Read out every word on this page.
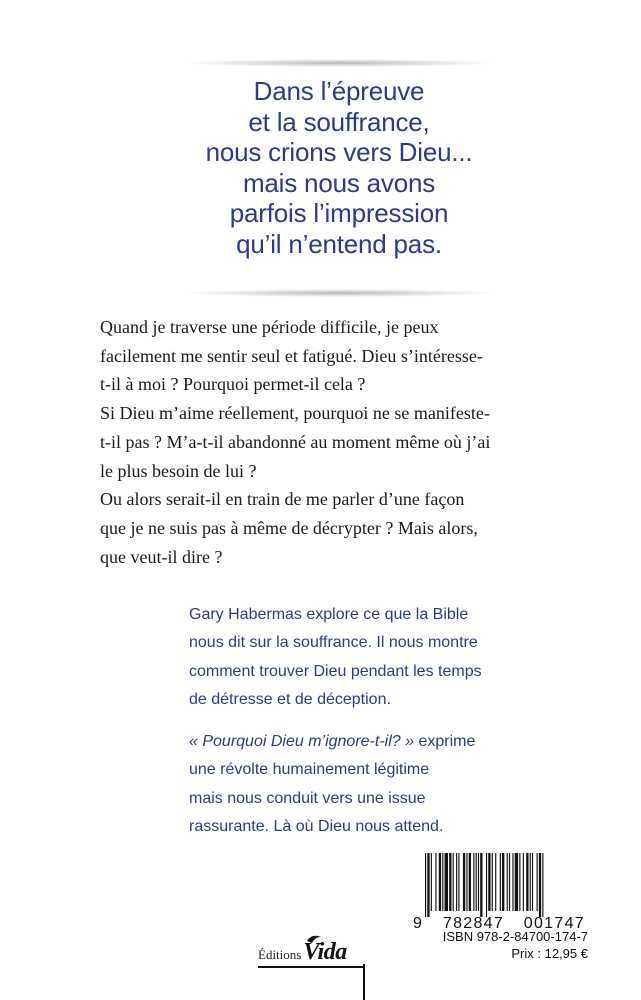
Dans l’épreuve
et la souffrance,
nous crions vers Dieu...
mais nous avons
parfois l’impression
qu’il n’entend pas.
Quand je traverse une période difficile, je peux
facilement me sentir seul et fatigué. Dieu s’intéresse-
t-il à moi ? Pourquoi permet-il cela ?
Si Dieu m’aime réellement, pourquoi ne se manifeste-
t-il pas ? M’a-t-il abandonné au moment même où j’ai
le plus besoin de lui ?
Ou alors serait-il en train de me parler d’une façon
que je ne suis pas à même de décrypter ? Mais alors,
que veut-il dire ?
Gary Habermas explore ce que la Bible
nous dit sur la souffrance. Il nous montre
comment trouver Dieu pendant les temps
de détresse et de déception.
« Pourquoi Dieu m’ignore-t-il? » exprime
une révolte humainement légitime
mais nous conduit vers une issue
rassurante. Là où Dieu nous attend.
Éditions Vida
9 782847 001747
ISBN 978-2-84700-174-7
Prix : 12,95 €
